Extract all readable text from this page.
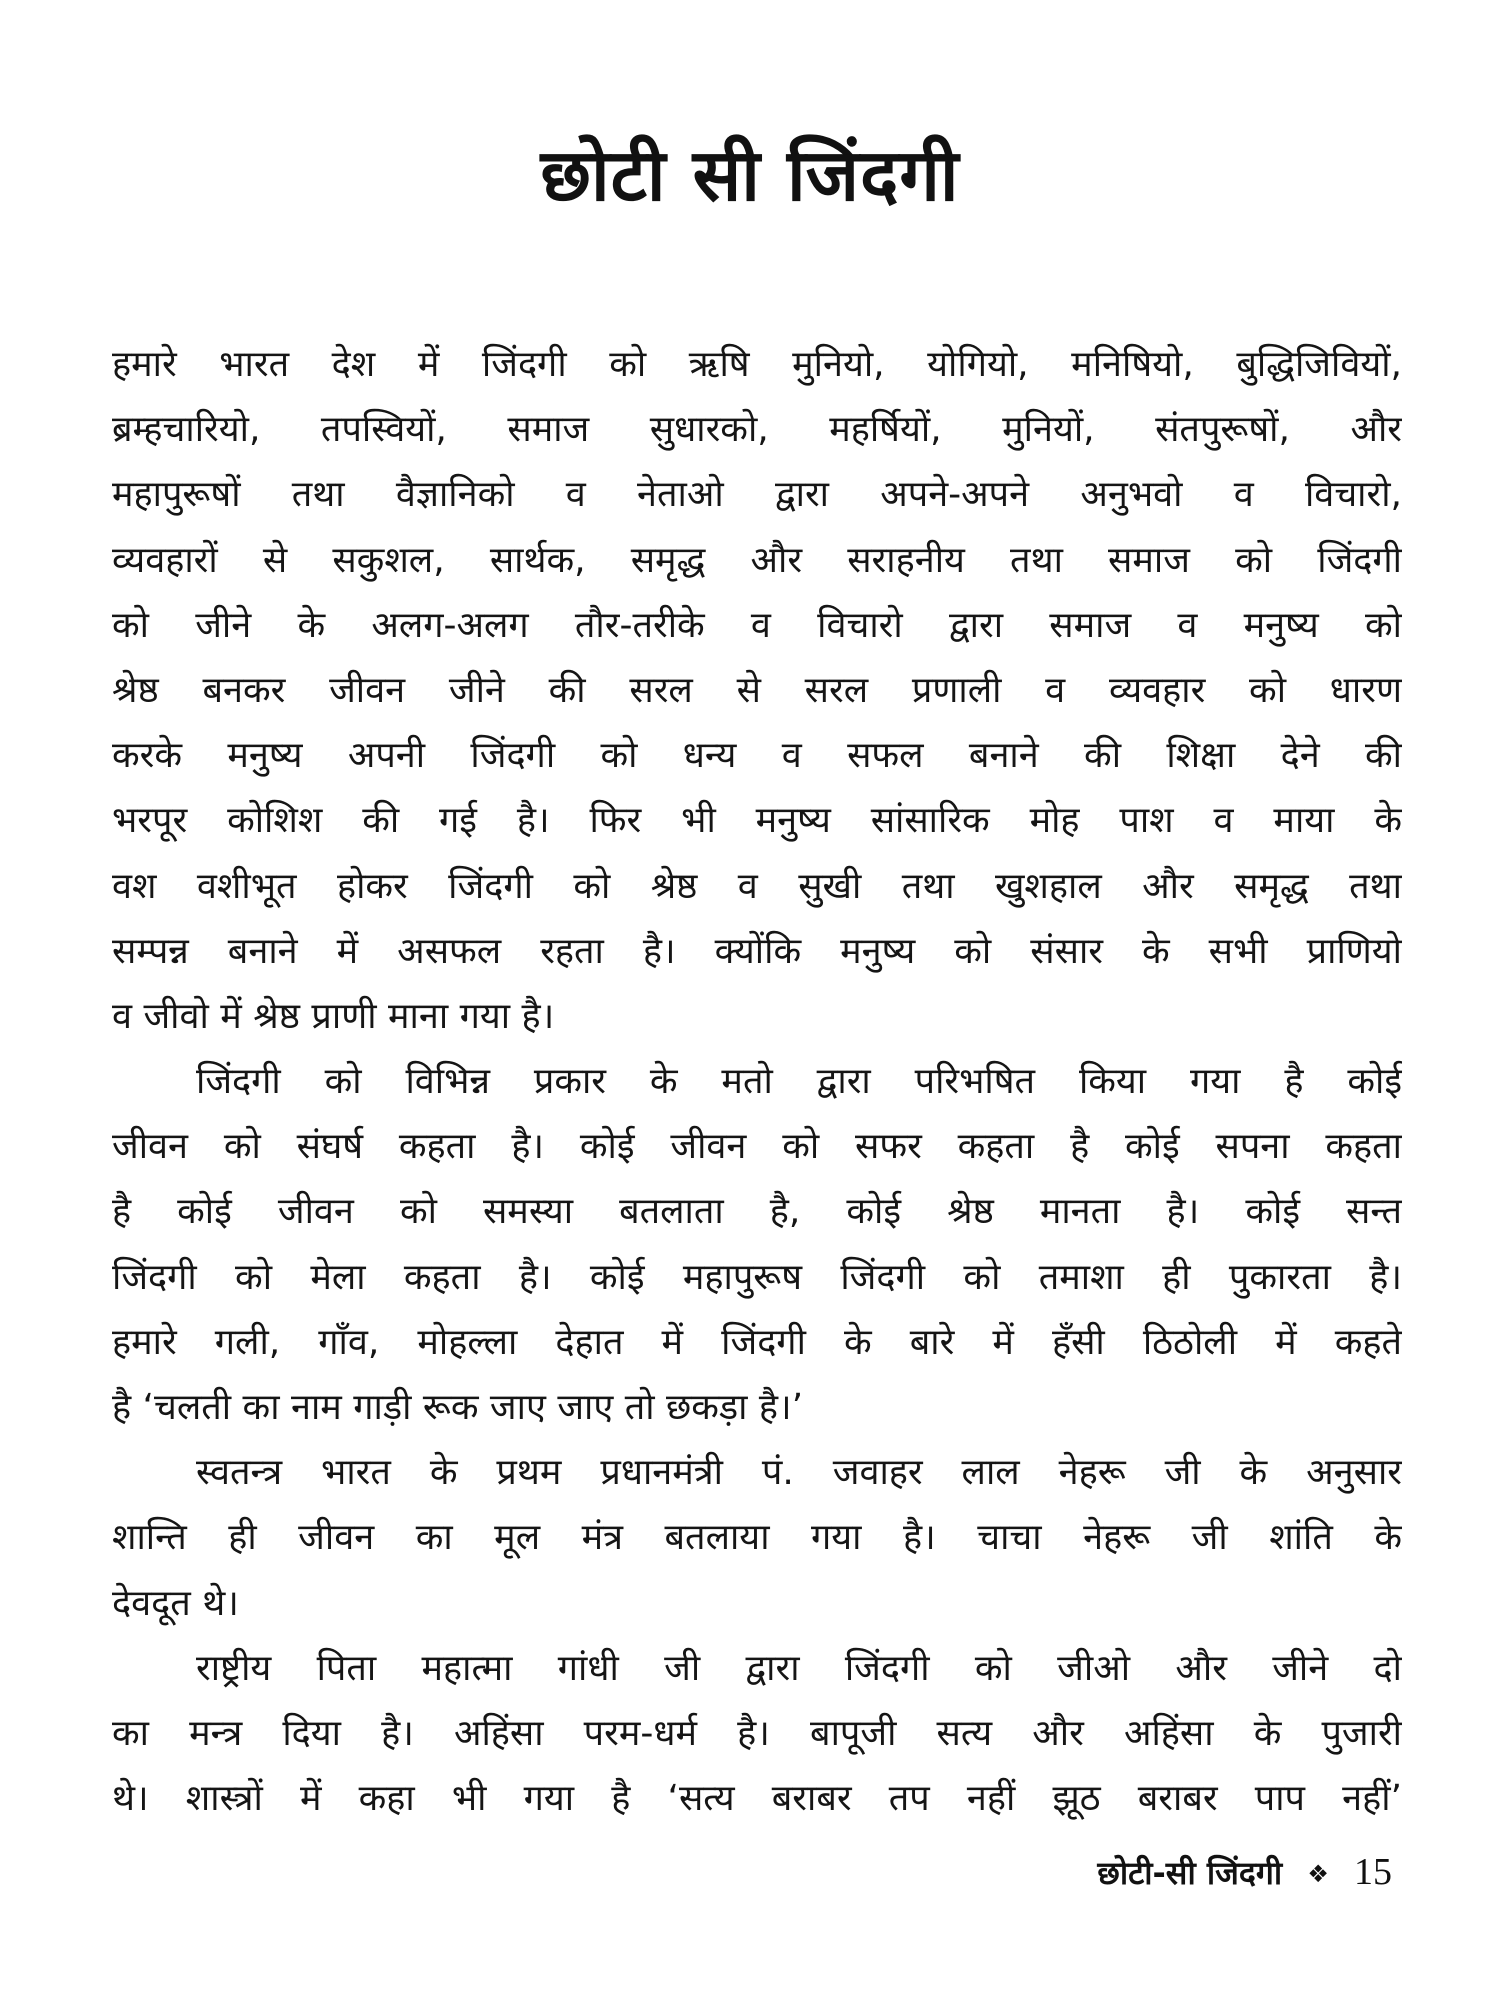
छोटी सी जिंदगी
हमारे भारत देश में जिंदगी को ऋषि मुनियो, योगियो, मनिषियो, बुद्धिजिवियों,
ब्रम्हचारियो, तपस्वियों, समाज सुधारको, महर्षियों, मुनियों, संतपुरूषों, और
महापुरूषों तथा वैज्ञानिको व नेताओ द्वारा अपने-अपने अनुभवो व विचारो,
व्यवहारों से सकुशल, सार्थक, समृद्ध और सराहनीय तथा समाज को जिंदगी
को जीने के अलग-अलग तौर-तरीके व विचारो द्वारा समाज व मनुष्य को
श्रेष्ठ बनकर जीवन जीने की सरल से सरल प्रणाली व व्यवहार को धारण
करके मनुष्य अपनी जिंदगी को धन्य व सफल बनाने की शिक्षा देने की
भरपूर कोशिश की गई है। फिर भी मनुष्य सांसारिक मोह पाश व माया के
वश वशीभूत होकर जिंदगी को श्रेष्ठ व सुखी तथा खुशहाल और समृद्ध तथा
सम्पन्न बनाने में असफल रहता है। क्योंकि मनुष्य को संसार के सभी प्राणियो
व जीवो में श्रेष्ठ प्राणी माना गया है।
जिंदगी को विभिन्न प्रकार के मतो द्वारा परिभषित किया गया है कोई
जीवन को संघर्ष कहता है। कोई जीवन को सफर कहता है कोई सपना कहता
है कोई जीवन को समस्या बतलाता है, कोई श्रेष्ठ मानता है। कोई सन्त
जिंदगी को मेला कहता है। कोई महापुरूष जिंदगी को तमाशा ही पुकारता है।
हमारे गली, गाँव, मोहल्ला देहात में जिंदगी के बारे में हँसी ठिठोली में कहते
है ‘चलती का नाम गाड़ी रूक जाए जाए तो छकड़ा है।’
स्वतन्त्र भारत के प्रथम प्रधानमंत्री पं. जवाहर लाल नेहरू जी के अनुसार
शान्ति ही जीवन का मूल मंत्र बतलाया गया है। चाचा नेहरू जी शांति के
देवदूत थे।
राष्ट्रीय पिता महात्मा गांधी जी द्वारा जिंदगी को जीओ और जीने दो
का मन्त्र दिया है। अहिंसा परम-धर्म है। बापूजी सत्य और अहिंसा के पुजारी
थे। शास्त्रों में कहा भी गया है ‘सत्य बराबर तप नहीं झूठ बराबर पाप नहीं’
छोटी-सी जिंदगी ❖ 15
